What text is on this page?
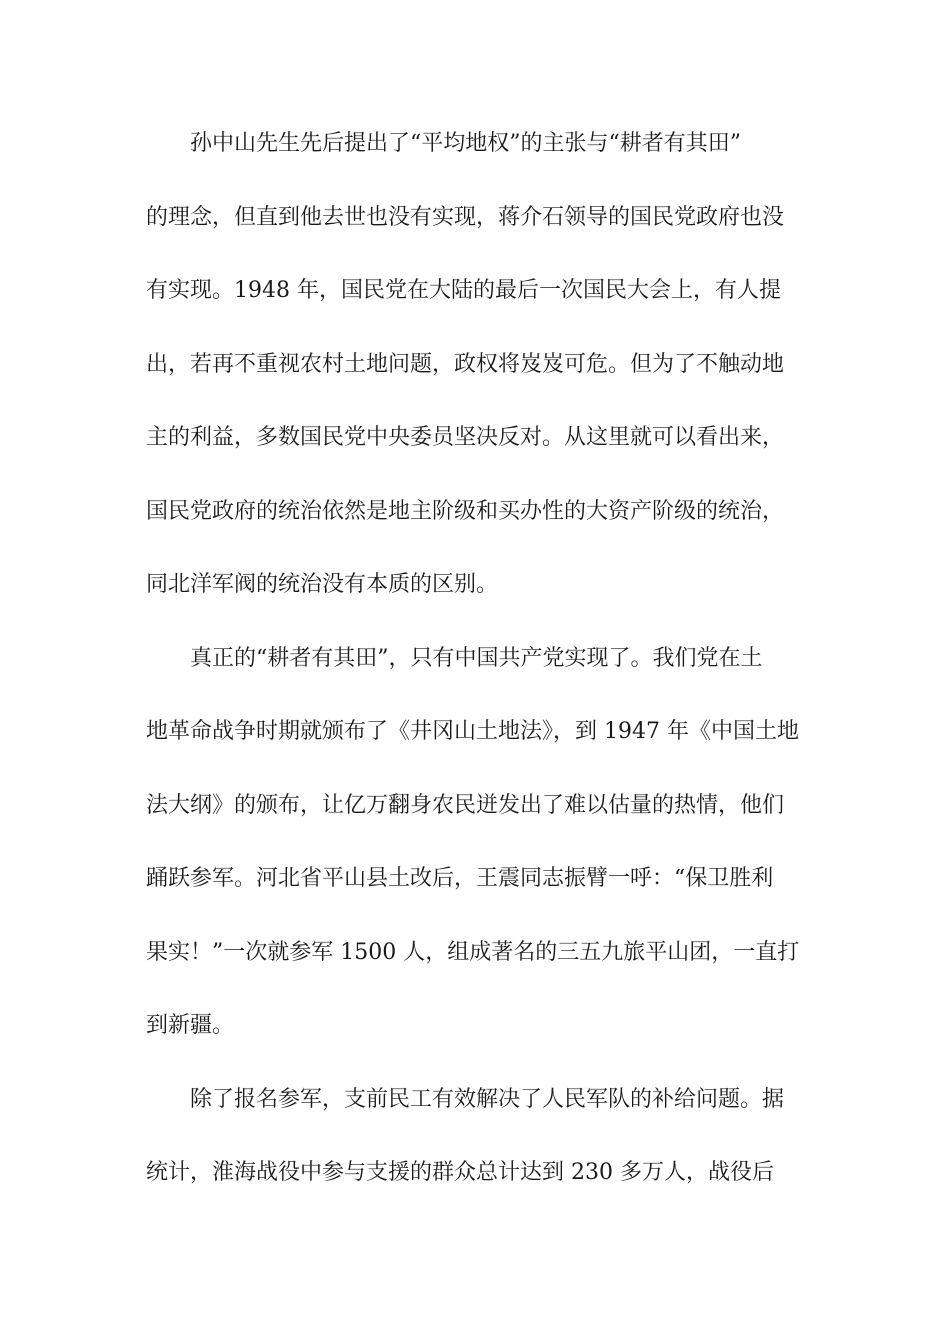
孙中山先生先后提出了“平均地权”的主张与“耕者有其田”
的理念，但直到他去世也没有实现，蒋介石领导的国民党政府也没
有实现。1948 年，国民党在大陆的最后一次国民大会上，有人提
出，若再不重视农村土地问题，政权将岌岌可危。但为了不触动地
主的利益，多数国民党中央委员坚决反对。从这里就可以看出来，
国民党政府的统治依然是地主阶级和买办性的大资产阶级的统治，
同北洋军阀的统治没有本质的区别。
真正的“耕者有其田”，只有中国共产党实现了。我们党在土
地革命战争时期就颁布了《井冈山土地法》，到 1947 年《中国土地
法大纲》的颁布，让亿万翻身农民迸发出了难以估量的热情，他们
踊跃参军。河北省平山县土改后，王震同志振臂一呼：“保卫胜利
果实！”一次就参军 1500 人，组成著名的三五九旅平山团，一直打
到新疆。
除了报名参军，支前民工有效解决了人民军队的补给问题。据
统计，淮海战役中参与支援的群众总计达到 230 多万人，战役后
